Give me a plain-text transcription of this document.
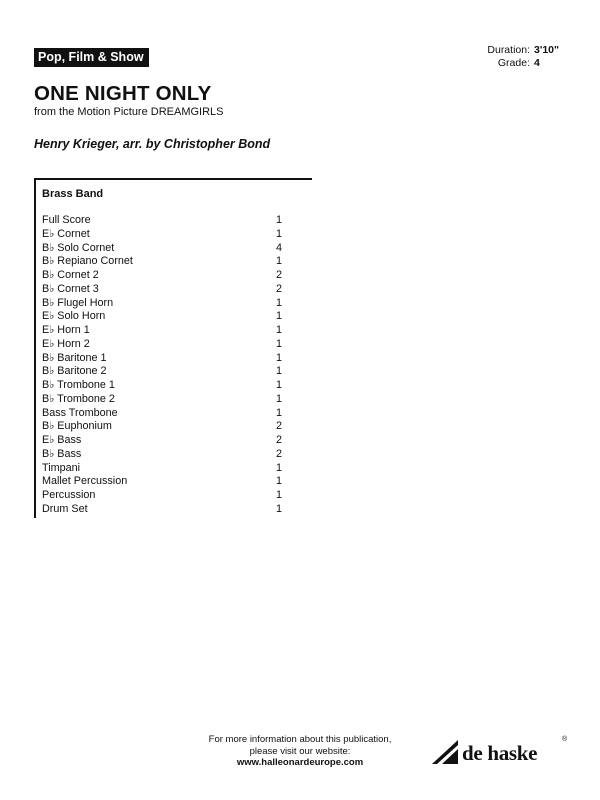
Pop, Film & Show	Duration: 3'10"
Grade: 4
ONE NIGHT ONLY
from the Motion Picture DREAMGIRLS
Henry Krieger, arr. by Christopher Bond
Brass Band
Full Score	1
E♭ Cornet	1
B♭ Solo Cornet	4
B♭ Repiano Cornet	1
B♭ Cornet 2	2
B♭ Cornet 3	2
B♭ Flugel Horn	1
E♭ Solo Horn	1
E♭ Horn 1	1
E♭ Horn 2	1
B♭ Baritone 1	1
B♭ Baritone 2	1
B♭ Trombone 1	1
B♭ Trombone 2	1
Bass Trombone	1
B♭ Euphonium	2
E♭ Bass	2
B♭ Bass	2
Timpani	1
Mallet Percussion	1
Percussion	1
Drum Set	1
For more information about this publication,
please visit our website:
www.halleonardeurope.com	de haske
®
